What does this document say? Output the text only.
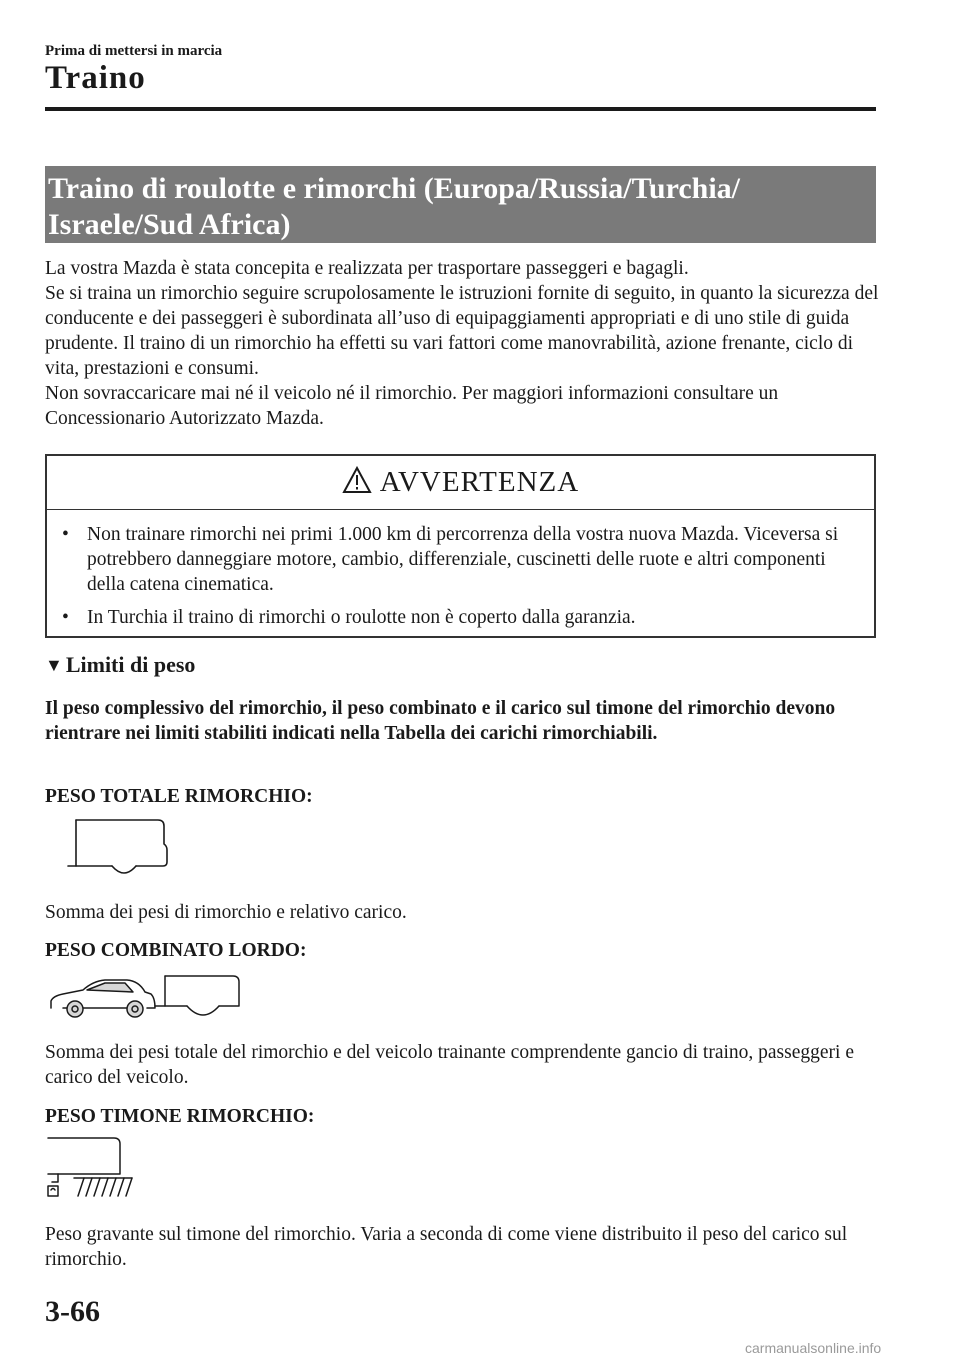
Prima di mettersi in marcia
Traino
Traino di roulotte e rimorchi (Europa/Russia/Turchia/
Israele/Sud Africa)

La vostra Mazda è stata concepita e realizzata per trasportare passeggeri e bagagli.

Se si traina un rimorchio seguire scrupolosamente le istruzioni fornite di seguito, in quanto la sicurezza del conducente e dei passeggeri è subordinata all’uso di equipaggiamenti appropriati e di uno stile di guida prudente. Il traino di un rimorchio ha effetti su vari fattori come manovrabilità, azione frenante, ciclo di vita, prestazioni e consumi.

Non sovraccaricare mai né il veicolo né il rimorchio. Per maggiori informazioni consultare un Concessionario Autorizzato Mazda.

AVVERTENZA
• Non trainare rimorchi nei primi 1.000 km di percorrenza della vostra nuova Mazda. Viceversa si potrebbero danneggiare motore, cambio, differenziale, cuscinetti delle ruote e altri componenti della catena cinematica.
• In Turchia il traino di rimorchi o roulotte non è coperto dalla garanzia.
▼ Limiti di peso
Il peso complessivo del rimorchio, il peso combinato e il carico sul timone del rimorchio devono rientrare nei limiti stabiliti indicati nella Tabella dei carichi rimorchiabili.
PESO TOTALE RIMORCHIO:
Somma dei pesi di rimorchio e relativo carico.
PESO COMBINATO LORDO:
Somma dei pesi totale del rimorchio e del veicolo trainante comprendente gancio di traino, passeggeri e carico del veicolo.
PESO TIMONE RIMORCHIO:
Peso gravante sul timone del rimorchio. Varia a seconda di come viene distribuito il peso del carico sul rimorchio.
3-66
carmanualsonline.info
